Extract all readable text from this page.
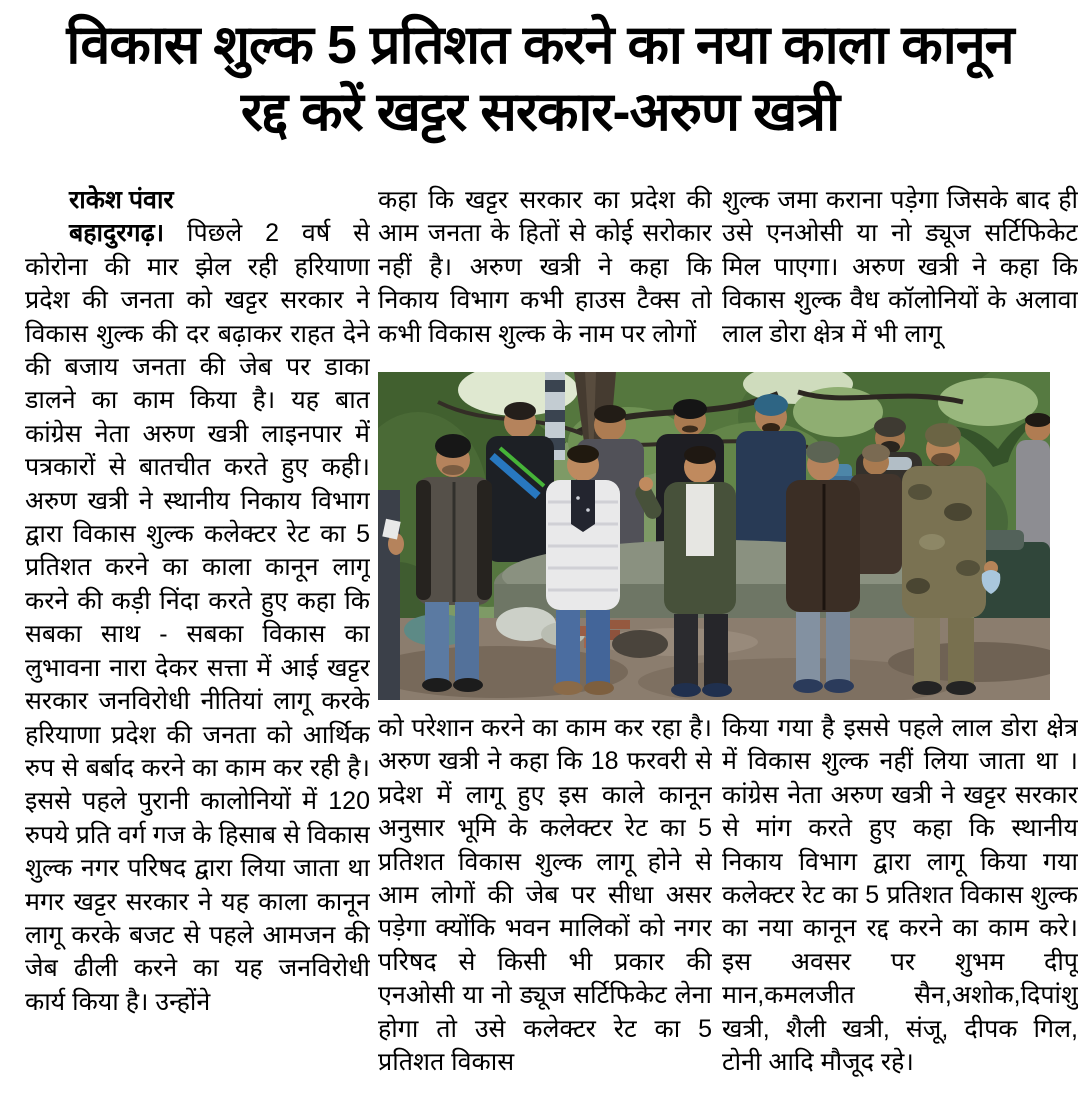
विकास शुल्क 5 प्रतिशत करने का नया काला कानून
रद्द करें खट्टर सरकार-अरुण खत्री
राकेश पंवार

बहादुरगढ़। पिछले 2 वर्ष से कोरोना की मार झेल रही हरियाणा प्रदेश की जनता को खट्टर सरकार ने विकास शुल्क की दर बढ़ाकर राहत देने की बजाय जनता की जेब पर डाका डालने का काम किया है। यह बात कांग्रेस नेता अरुण खत्री लाइनपार में पत्रकारों से बातचीत करते हुए कही। अरुण खत्री ने स्थानीय निकाय विभाग द्वारा विकास शुल्क कलेक्टर रेट का 5 प्रतिशत करने का काला कानून लागू करने की कड़ी निंदा करते हुए कहा कि सबका साथ - सबका विकास का लुभावना नारा देकर सत्ता में आई खट्टर सरकार जनविरोधी नीतियां लागू करके हरियाणा प्रदेश की जनता को आर्थिक रुप से बर्बाद करने का काम कर रही है। इससे पहले पुरानी कालोनियों में 120 रुपये प्रति वर्ग गज के हिसाब से विकास शुल्क नगर परिषद द्वारा लिया जाता था मगर खट्टर सरकार ने यह काला कानून लागू करके बजट से पहले आमजन की जेब ढीली करने का यह जनविरोधी कार्य किया है। उन्होंने

कहा कि खट्टर सरकार का प्रदेश की आम जनता के हितों से कोई सरोकार नहीं है। अरुण खत्री ने कहा कि निकाय विभाग कभी हाउस टैक्स तो कभी विकास शुल्क के नाम पर लोगों

शुल्क जमा कराना पड़ेगा जिसके बाद ही उसे एनओसी या नो ड्यूज सर्टिफिकेट मिल पाएगा। अरुण खत्री ने कहा कि विकास शुल्क वैध कॉलोनियों के अलावा लाल डोरा क्षेत्र में भी लागू

को परेशान करने का काम कर रहा है। अरुण खत्री ने कहा कि 18 फरवरी से प्रदेश में लागू हुए इस काले कानून अनुसार भूमि के कलेक्टर रेट का 5 प्रतिशत विकास शुल्क लागू होने से आम लोगों की जेब पर सीधा असर पड़ेगा क्योंकि भवन मालिकों को नगर परिषद से किसी भी प्रकार की एनओसी या नो ड्यूज सर्टिफिकेट लेना होगा तो उसे कलेक्टर रेट का 5 प्रतिशत विकास

किया गया है इससे पहले लाल डोरा क्षेत्र में विकास शुल्क नहीं लिया जाता था । कांग्रेस नेता अरुण खत्री ने खट्टर सरकार से मांग करते हुए कहा कि स्थानीय निकाय विभाग द्वारा लागू किया गया कलेक्टर रेट का 5 प्रतिशत विकास शुल्क का नया कानून रद्द करने का काम करे। इस अवसर पर शुभम दीपू मान,कमलजीत सैन,अशोक,दिपांशु खत्री, शैली खत्री, संजू, दीपक गिल, टोनी आदि मौजूद रहे।
